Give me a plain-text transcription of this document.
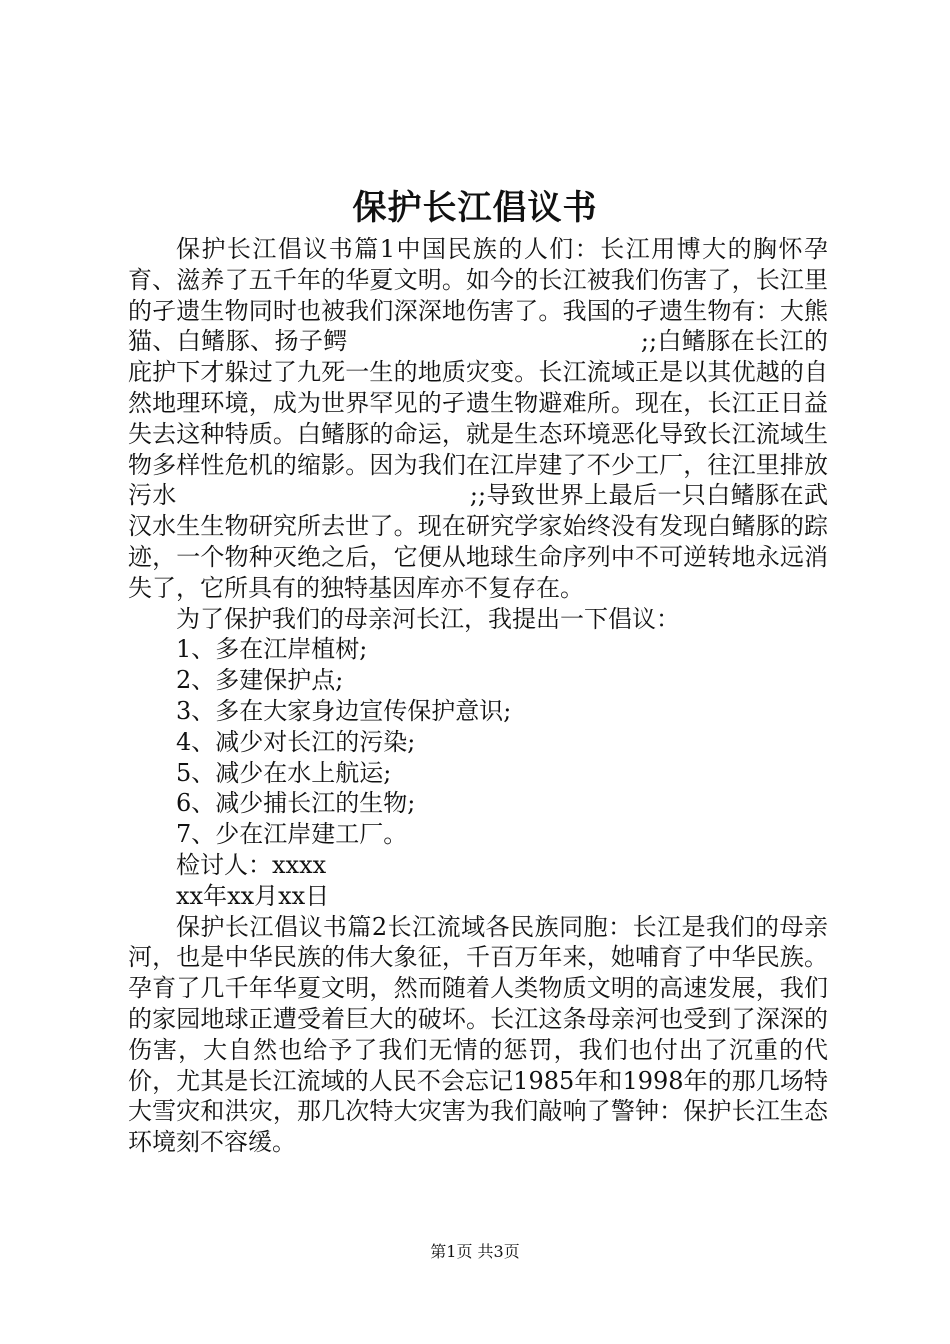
保护长江倡议书

保护长江倡议书篇1中国民族的人们：长江用博大的胸怀孕育、滋养了五千年的华夏文明。如今的长江被我们伤害了，长江里的孑遗生物同时也被我们深深地伤害了。我国的孑遗生物有：大熊猫、白鳍豚、扬子鳄　　　　　　　　　　　　;;白鳍豚在长江的庇护下才躲过了九死一生的地质灾变。长江流域正是以其优越的自然地理环境，成为世界罕见的孑遗生物避难所。现在，长江正日益失去这种特质。白鳍豚的命运，就是生态环境恶化导致长江流域生物多样性危机的缩影。因为我们在江岸建了不少工厂，往江里排放污水　　　　　　　　　　　　;;导致世界上最后一只白鳍豚在武汉水生生物研究所去世了。现在研究学家始终没有发现白鳍豚的踪迹，一个物种灭绝之后，它便从地球生命序列中不可逆转地永远消失了，它所具有的独特基因库亦不复存在。

为了保护我们的母亲河长江，我提出一下倡议：

1、多在江岸植树;

2、多建保护点;

3、多在大家身边宣传保护意识;

4、减少对长江的污染;

5、减少在水上航运;

6、减少捕长江的生物;

7、少在江岸建工厂。

检讨人：xxxx

xx年xx月xx日

保护长江倡议书篇2长江流域各民族同胞：长江是我们的母亲河，也是中华民族的伟大象征，千百万年来，她哺育了中华民族。孕育了几千年华夏文明，然而随着人类物质文明的高速发展，我们的家园地球正遭受着巨大的破坏。长江这条母亲河也受到了深深的伤害，大自然也给予了我们无情的惩罚，我们也付出了沉重的代价，尤其是长江流域的人民不会忘记1985年和1998年的那几场特大雪灾和洪灾，那几次特大灾害为我们敲响了警钟：保护长江生态环境刻不容缓。

第1页 共3页
